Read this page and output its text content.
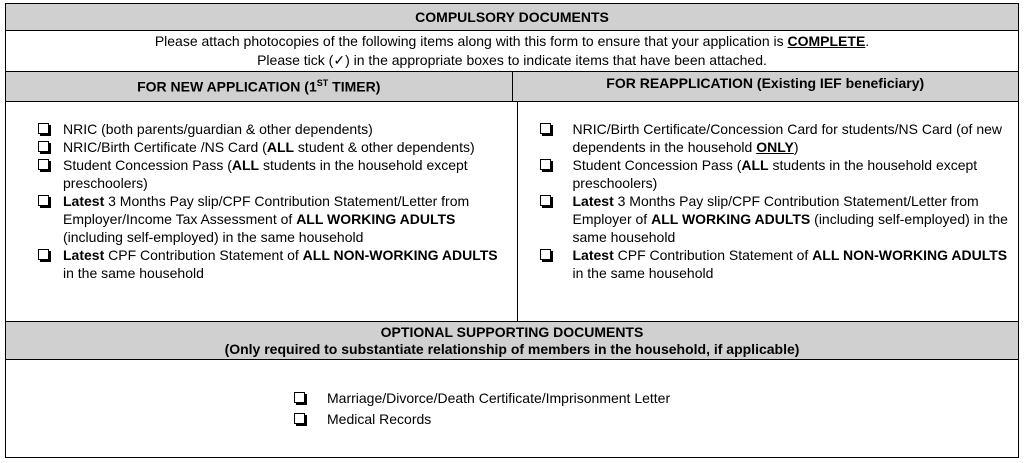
COMPULSORY DOCUMENTS
Please attach photocopies of the following items along with this form to ensure that your application is COMPLETE.
Please tick (✓) in the appropriate boxes to indicate items that have been attached.
FOR NEW APPLICATION (1ST TIMER)	FOR REAPPLICATION (Existing IEF beneficiary)
NRIC (both parents/guardian & other dependents)
NRIC/Birth Certificate /NS Card (ALL student & other dependents)
Student Concession Pass (ALL students in the household except preschoolers)
Latest 3 Months Pay slip/CPF Contribution Statement/Letter from Employer/Income Tax Assessment of ALL WORKING ADULTS (including self-employed) in the same household
Latest CPF Contribution Statement of ALL NON-WORKING ADULTS in the same household
NRIC/Birth Certificate/Concession Card for students/NS Card (of new dependents in the household ONLY)
Student Concession Pass (ALL students in the household except preschoolers)
Latest 3 Months Pay slip/CPF Contribution Statement/Letter from Employer of ALL WORKING ADULTS (including self-employed) in the same household
Latest CPF Contribution Statement of ALL NON-WORKING ADULTS in the same household
OPTIONAL SUPPORTING DOCUMENTS
(Only required to substantiate relationship of members in the household, if applicable)
Marriage/Divorce/Death Certificate/Imprisonment Letter
Medical Records
